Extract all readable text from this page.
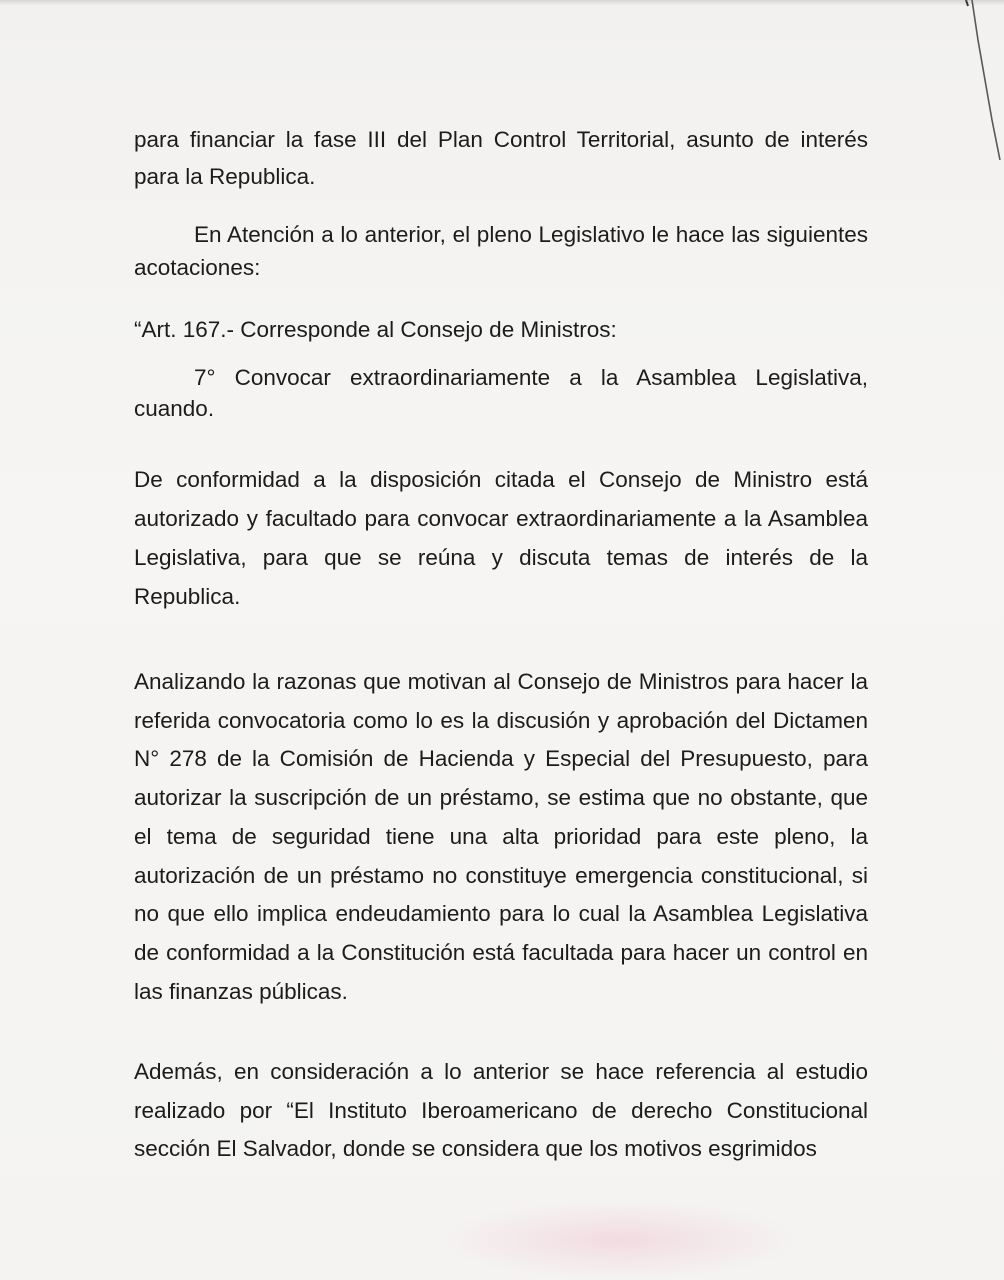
para financiar la fase III del Plan Control Territorial, asunto de interés para la Republica.

En Atención a lo anterior, el pleno Legislativo le hace las siguientes acotaciones:

“Art. 167.- Corresponde al Consejo de Ministros:

7° Convocar extraordinariamente a la Asamblea Legislativa, cuando.

De conformidad a la disposición citada el Consejo de Ministro está autorizado y facultado para convocar extraordinariamente a la Asamblea Legislativa, para que se reúna y discuta temas de interés de la Republica.

Analizando la razonas que motivan al Consejo de Ministros para hacer la referida convocatoria como lo es la discusión y aprobación del Dictamen N° 278 de la Comisión de Hacienda y Especial del Presupuesto, para autorizar la suscripción de un préstamo, se estima que no obstante, que el tema de seguridad tiene una alta prioridad para este pleno, la autorización de un préstamo no constituye emergencia constitucional, si no que ello implica endeudamiento para lo cual la Asamblea Legislativa de conformidad a la Constitución está facultada para hacer un control en las finanzas públicas.

Además, en consideración a lo anterior se hace referencia al estudio realizado por “El Instituto Iberoamericano de derecho Constitucional sección El Salvador, donde se considera que los motivos esgrimidos
